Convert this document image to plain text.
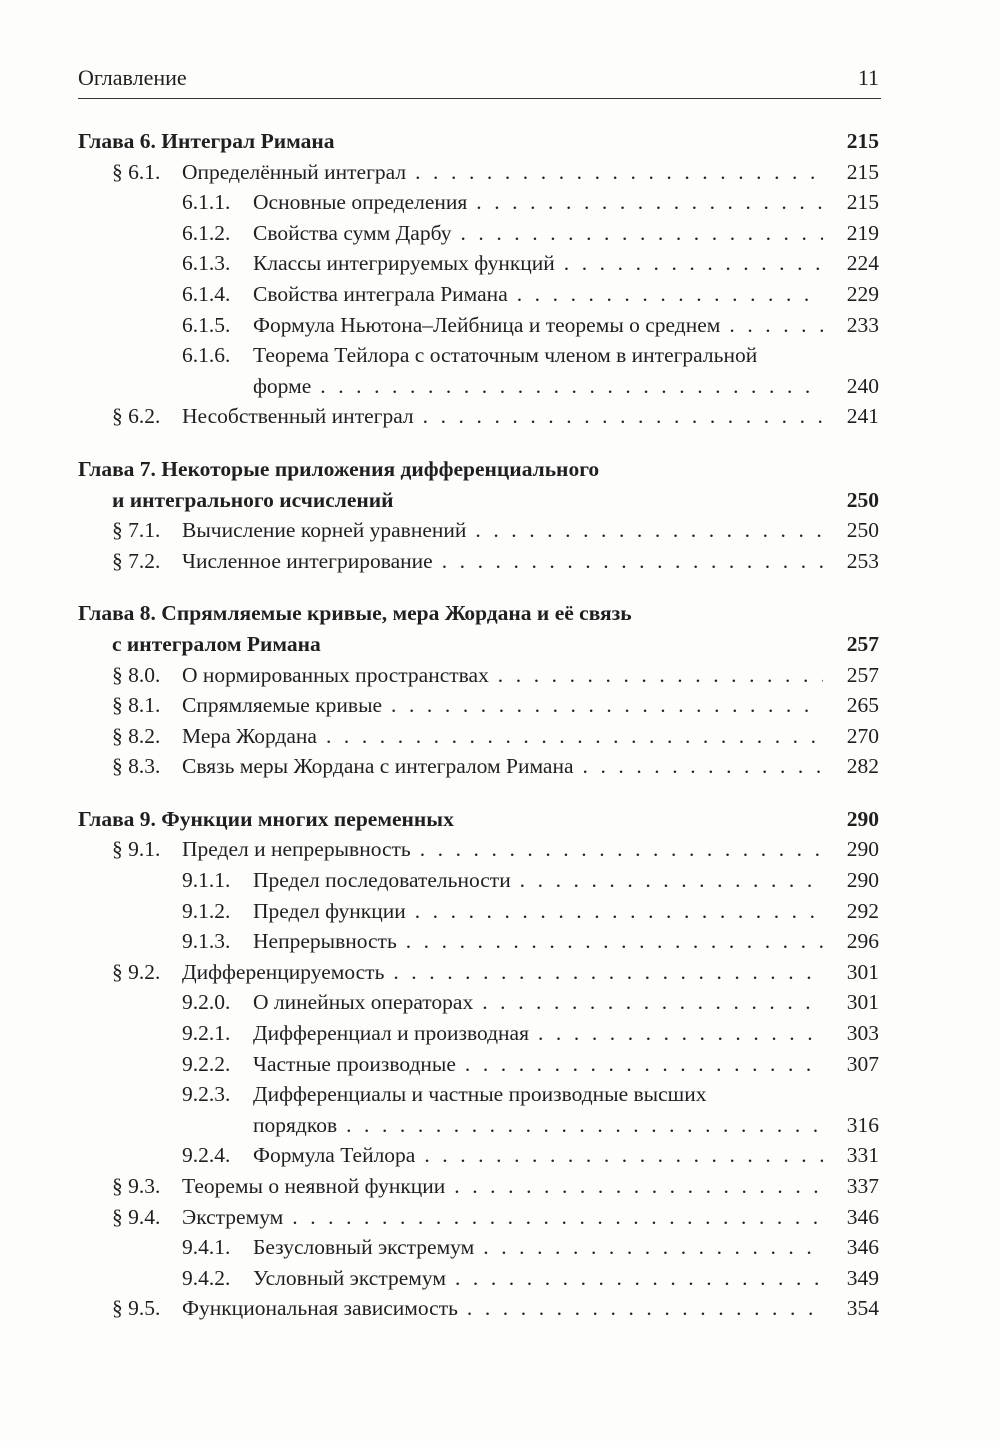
Оглавление	11
Глава 6. Интеграл Римана	215
§ 6.1. Определённый интеграл . . .	215
6.1.1. Основные определения . . .	215
6.1.2. Свойства сумм Дарбу . . .	219
6.1.3. Классы интегрируемых функций . . .	224
6.1.4. Свойства интеграла Римана . . .	229
6.1.5. Формула Ньютона–Лейбница и теоремы о среднем . . .	233
6.1.6. Теорема Тейлора с остаточным членом в интегральной
форме . . .	240
§ 6.2. Несобственный интеграл . . .	241
Глава 7. Некоторые приложения дифференциального
и интегрального исчислений	250
§ 7.1. Вычисление корней уравнений . . .	250
§ 7.2. Численное интегрирование . . .	253
Глава 8. Спрямляемые кривые, мера Жордана и её связь
с интегралом Римана	257
§ 8.0. О нормированных пространствах . . .	257
§ 8.1. Спрямляемые кривые . . .	265
§ 8.2. Мера Жордана . . .	270
§ 8.3. Связь меры Жордана с интегралом Римана . . .	282
Глава 9. Функции многих переменных	290
§ 9.1. Предел и непрерывность . . .	290
9.1.1. Предел последовательности . . .	290
9.1.2. Предел функции . . .	292
9.1.3. Непрерывность . . .	296
§ 9.2. Дифференцируемость . . .	301
9.2.0. О линейных операторах . . .	301
9.2.1. Дифференциал и производная . . .	303
9.2.2. Частные производные . . .	307
9.2.3. Дифференциалы и частные производные высших
порядков . . .	316
9.2.4. Формула Тейлора . . .	331
§ 9.3. Теоремы о неявной функции . . .	337
§ 9.4. Экстремум . . .	346
9.4.1. Безусловный экстремум . . .	346
9.4.2. Условный экстремум . . .	349
§ 9.5. Функциональная зависимость . . .	354
